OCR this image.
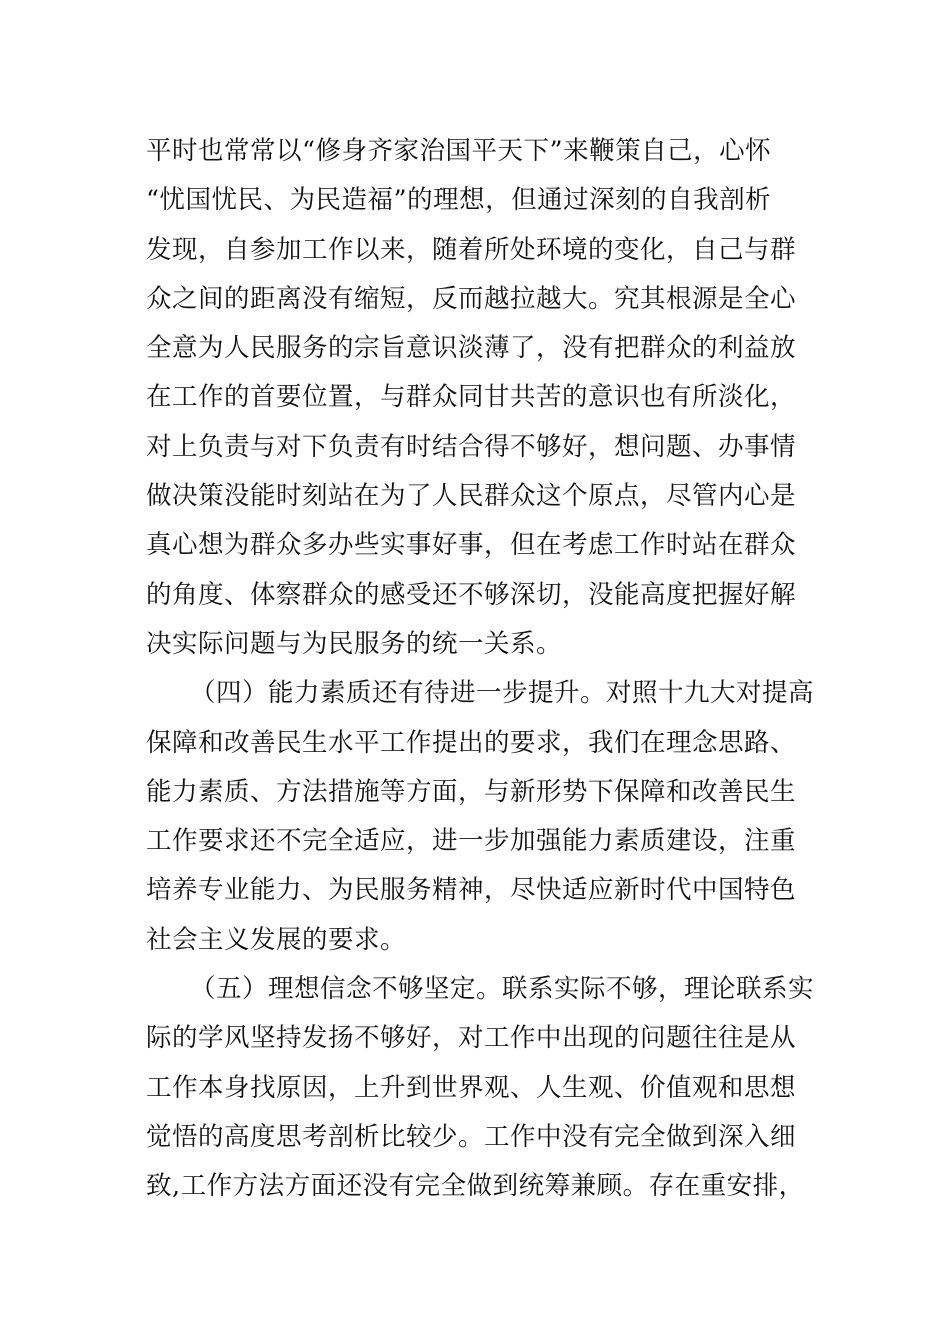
平时也常常以“修身齐家治国平天下”来鞭策自己，心怀
“忧国忧民、为民造福”的理想，但通过深刻的自我剖析
发现，自参加工作以来，随着所处环境的变化，自己与群
众之间的距离没有缩短，反而越拉越大。究其根源是全心
全意为人民服务的宗旨意识淡薄了，没有把群众的利益放
在工作的首要位置，与群众同甘共苦的意识也有所淡化，
对上负责与对下负责有时结合得不够好，想问题、办事情
做决策没能时刻站在为了人民群众这个原点，尽管内心是
真心想为群众多办些实事好事，但在考虑工作时站在群众
的角度、体察群众的感受还不够深切，没能高度把握好解
决实际问题与为民服务的统一关系。
（四）能力素质还有待进一步提升。对照十九大对提高
保障和改善民生水平工作提出的要求，我们在理念思路、
能力素质、方法措施等方面，与新形势下保障和改善民生
工作要求还不完全适应，进一步加强能力素质建设，注重
培养专业能力、为民服务精神，尽快适应新时代中国特色
社会主义发展的要求。
（五）理想信念不够坚定。联系实际不够，理论联系实
际的学风坚持发扬不够好，对工作中出现的问题往往是从
工作本身找原因，上升到世界观、人生观、价值观和思想
觉悟的高度思考剖析比较少。工作中没有完全做到深入细
致,工作方法方面还没有完全做到统筹兼顾。存在重安排，
